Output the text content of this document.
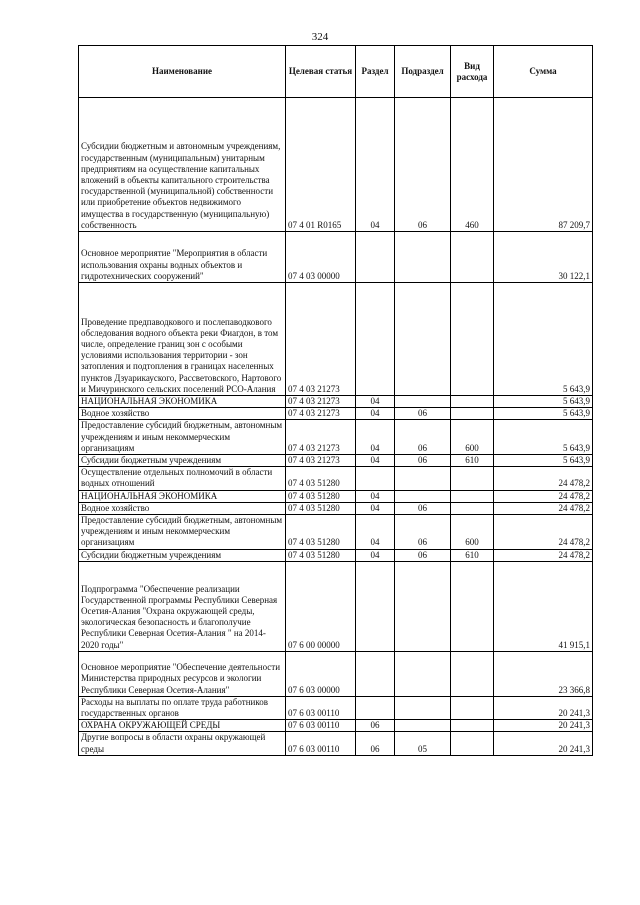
324
Наименование	Целевая статья	Раздел	Подраздел	Вид расхода	Сумма
Субсидии бюджетным и автономным учреждениям, государственным (муниципальным) унитарным предприятиям на осуществление капитальных вложений в объекты капитального строительства государственной (муниципальной) собственности или приобретение объектов недвижимого имущества в государственную (муниципальную) собственность	07 4 01 R0165	04	06	460	87 209,7
Основное мероприятие "Мероприятия в области использования охраны водных объектов и гидротехнических сооружений"	07 4 03 00000				30 122,1
Проведение предпаводкового и послепаводкового обследования водного объекта реки Фиагдон, в том числе, определение границ зон с особыми условиями использования территории - зон затопления и подтопления в границах населенных пунктов Дзуарикауского, Рассветовского, Нартового и Мичуринского сельских поселений РСО-Алания	07 4 03 21273				5 643,9
НАЦИОНАЛЬНАЯ ЭКОНОМИКА	07 4 03 21273	04			5 643,9
Водное хозяйство	07 4 03 21273	04	06		5 643,9
Предоставление субсидий бюджетным, автономным учреждениям и иным некоммерческим организациям	07 4 03 21273	04	06	600	5 643,9
Субсидии бюджетным учреждениям	07 4 03 21273	04	06	610	5 643,9
Осуществление отдельных полномочий в области водных отношений	07 4 03 51280				24 478,2
НАЦИОНАЛЬНАЯ ЭКОНОМИКА	07 4 03 51280	04			24 478,2
Водное хозяйство	07 4 03 51280	04	06		24 478,2
Предоставление субсидий бюджетным, автономным учреждениям и иным некоммерческим организациям	07 4 03 51280	04	06	600	24 478,2
Субсидии бюджетным учреждениям	07 4 03 51280	04	06	610	24 478,2
Подпрограмма "Обеспечение реализации Государственной программы Республики Северная Осетия-Алания "Охрана окружающей среды, экологическая безопасность и благополучие Республики Северная Осетия-Алания " на 2014-2020 годы"	07 6 00 00000				41 915,1
Основное мероприятие "Обеспечение деятельности Министерства природных ресурсов и экологии Республики Северная Осетия-Алания"	07 6 03 00000				23 366,8
Расходы на выплаты по оплате труда работников государственных органов	07 6 03 00110				20 241,3
ОХРАНА ОКРУЖАЮЩЕЙ СРЕДЫ	07 6 03 00110	06			20 241,3
Другие вопросы в области охраны окружающей среды	07 6 03 00110	06	05		20 241,3
